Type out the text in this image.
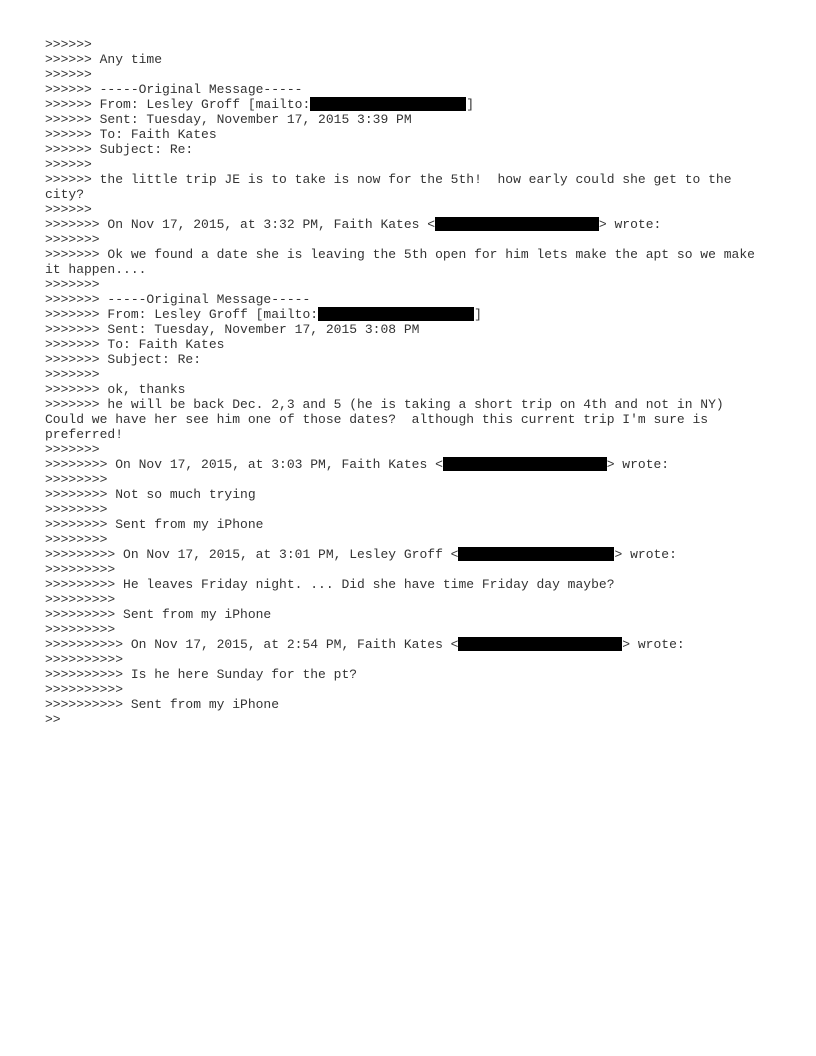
>>>>>>
>>>>>> Any time
>>>>>>
>>>>>> -----Original Message-----
>>>>>> From: Lesley Groff [mailto:	]
>>>>>> Sent: Tuesday, November 17, 2015 3:39 PM
>>>>>> To: Faith Kates
>>>>>> Subject: Re:
>>>>>>
>>>>>> the little trip JE is to take is now for the 5th!  how early could she get to the
city?
>>>>>>
>>>>>>> On Nov 17, 2015, at 3:32 PM, Faith Kates <	> wrote:
>>>>>>>
>>>>>>> Ok we found a date she is leaving the 5th open for him lets make the apt so we make
it happen....
>>>>>>>
>>>>>>> -----Original Message-----
>>>>>>> From: Lesley Groff [mailto:	]
>>>>>>> Sent: Tuesday, November 17, 2015 3:08 PM
>>>>>>> To: Faith Kates
>>>>>>> Subject: Re:
>>>>>>>
>>>>>>> ok, thanks
>>>>>>> he will be back Dec. 2,3 and 5 (he is taking a short trip on 4th and not in NY)
Could we have her see him one of those dates?  although this current trip I'm sure is
preferred!
>>>>>>>
>>>>>>>> On Nov 17, 2015, at 3:03 PM, Faith Kates <	> wrote:
>>>>>>>>
>>>>>>>> Not so much trying
>>>>>>>>
>>>>>>>> Sent from my iPhone
>>>>>>>>
>>>>>>>>> On Nov 17, 2015, at 3:01 PM, Lesley Groff <	> wrote:
>>>>>>>>>
>>>>>>>>> He leaves Friday night. ... Did she have time Friday day maybe?
>>>>>>>>>
>>>>>>>>> Sent from my iPhone
>>>>>>>>>
>>>>>>>>>> On Nov 17, 2015, at 2:54 PM, Faith Kates <	> wrote:
>>>>>>>>>>
>>>>>>>>>> Is he here Sunday for the pt?
>>>>>>>>>>
>>>>>>>>>> Sent from my iPhone
>>
